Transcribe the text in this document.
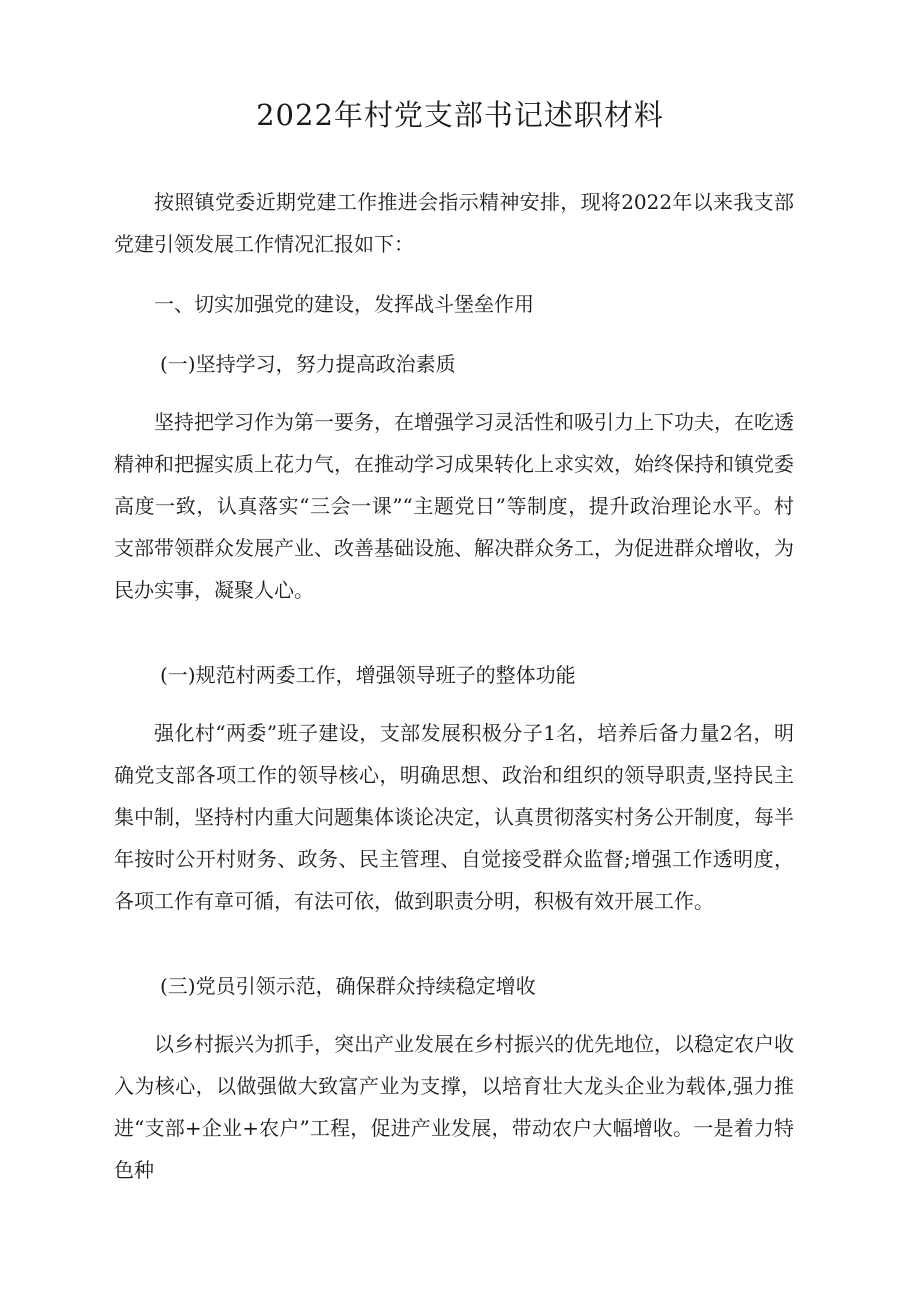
2022年村党支部书记述职材料

按照镇党委近期党建工作推进会指示精神安排，现将2022年以来我支部党建引领发展工作情况汇报如下：

一、切实加强党的建设，发挥战斗堡垒作用

(一)坚持学习，努力提高政治素质

坚持把学习作为第一要务，在增强学习灵活性和吸引力上下功夫，在吃透精神和把握实质上花力气，在推动学习成果转化上求实效，始终保持和镇党委高度一致，认真落实“三会一课”“主题党日”等制度，提升政治理论水平。村支部带领群众发展产业、改善基础设施、解决群众务工，为促进群众增收，为民办实事，凝聚人心。

(一)规范村两委工作，增强领导班子的整体功能

强化村“两委”班子建设，支部发展积极分子1名，培养后备力量2名，明确党支部各项工作的领导核心，明确思想、政治和组织的领导职责,坚持民主集中制，坚持村内重大问题集体谈论决定，认真贯彻落实村务公开制度，每半年按时公开村财务、政务、民主管理、自觉接受群众监督;增强工作透明度，各项工作有章可循，有法可依，做到职责分明，积极有效开展工作。

(三)党员引领示范，确保群众持续稳定增收

以乡村振兴为抓手，突出产业发展在乡村振兴的优先地位，以稳定农户收入为核心，以做强做大致富产业为支撑，以培育壮大龙头企业为载体,强力推进“支部+企业+农户”工程，促进产业发展，带动农户大幅增收。一是着力特色种
